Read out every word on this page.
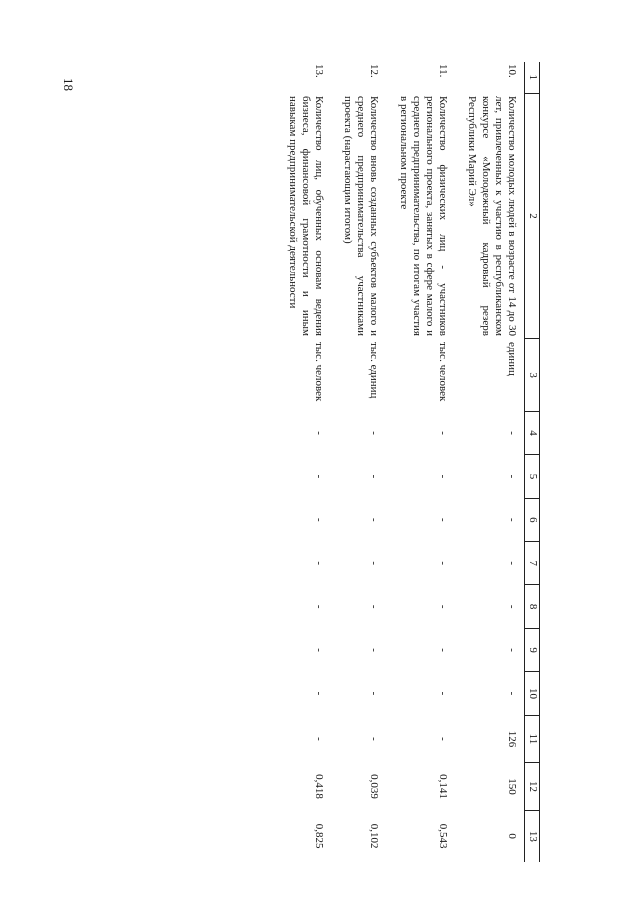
1	2	3	4	5	6	7	8	9	10	11	12	13
10.	Количество молодых людей в возрасте от 14 до 30 лет, привлеченных к участию в республиканском конкурсе «Молодежный кадровый резерв Республики Марий Эл»	единиц	-	-	-	-	-	-	-	126	150	0
11.	Количество физических лиц - участников регионального проекта, занятых в сфере малого и среднего предпринимательства, по итогам участия в региональном проекте	тыс. человек	-	-	-	-	-	-	-	-	0,141	0,543
12.	Количество вновь созданных субъектов малого и среднего предпринимательства участниками проекта (нарастающим итогом)	тыс. единиц	-	-	-	-	-	-	-	-	0,039	0,102
13.	Количество лиц, обученных основам ведения бизнеса, финансовой грамотности и иным навыкам предпринимательской деятельности	тыс. человек	-	-	-	-	-	-	-	-	0,418	0,825
18
